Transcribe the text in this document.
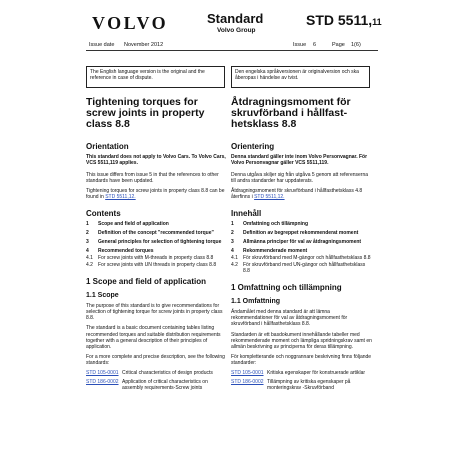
VOLVO	Standard
Volvo Group
STD 5511,11
Issue date November 2012	Issue 6	Page 1(6)
The English language version is the original and the reference in case of dispute.
Den engelska språkversionen är originalversion och ska åberopas i händelse av tvist.
Tightening torques for
screw joints in property
class 8.8
Orientation
This standard does not apply to Volvo Cars. To Volvo Cars, VCS 5511,119 applies.
This issue differs from issue 5 in that the references to other standards have been updated.
Tightening torques for screw joints in property class 8.8 can be found in STD 5511,12.
Contents
1	Scope and field of application
2	Definition of the concept "recommended torque"
3	General principles for selection of tightening torque
4	Recommended torques
4.1	For screw joints with M-threads in property class 8.8
4.2	For screw joints with UN threads in property class 8.8
1 Scope and field of application
1.1 Scope
The purpose of this standard is to give recommendations for selection of tightening torque for screw joints in property class 8.8.
The standard is a basic document containing tables listing recommended torques and suitable distribution requirements together with a general description of their principles of application.
For a more complete and precise description, see the following standards:
STD 105-0001 Critical characteristics of design products
STD 186-0002 Application of critical characteristics on assembly requirements-Screw joints
Åtdragningsmoment för
skruvförband i hållfast-
hetsklass 8.8
Orientering
Denna standard gäller inte inom Volvo Personvagnar. För Volvo Personvagnar gäller VCS 5511,119.
Denna utgåva skiljer sig från utgåva 5 genom att referenserna till andra standarder har uppdaterats.
Åtdragningsmoment för skruvförband i hållfasthetsklass 4.8 återfinns i STD 5511,12.
Innehåll
1	Omfattning och tillämpning
2	Definition av begreppet rekommenderat moment
3	Allmänna principer för val av åtdragningsmoment
4	Rekommenderade moment
4.1	För skruvförband med M-gängor och hållfasthetsklass 8.8
4.2	För skruvförband med UN-gängor och hållfasthetsklass 8.8
1 Omfattning och tillämpning
1.1 Omfattning
Ändamålet med denna standard är att lämna rekommendationer för val av åtdragningsmoment för skruvförband i hållfasthetsklass 8.8.
Standarden är ett basdokument innehållande tabeller med rekommenderade moment och lämpliga spridningskrav samt en allmän beskrivning av principerna för deras tillämpning.
För kompletterande och noggrannare beskrivning finns följande standarder:
STD 105-0001 Kritiska egenskaper för konstruerade artiklar
STD 186-0002 Tillämpning av kritiska egenskaper på monteringskrav -Skruvförband
